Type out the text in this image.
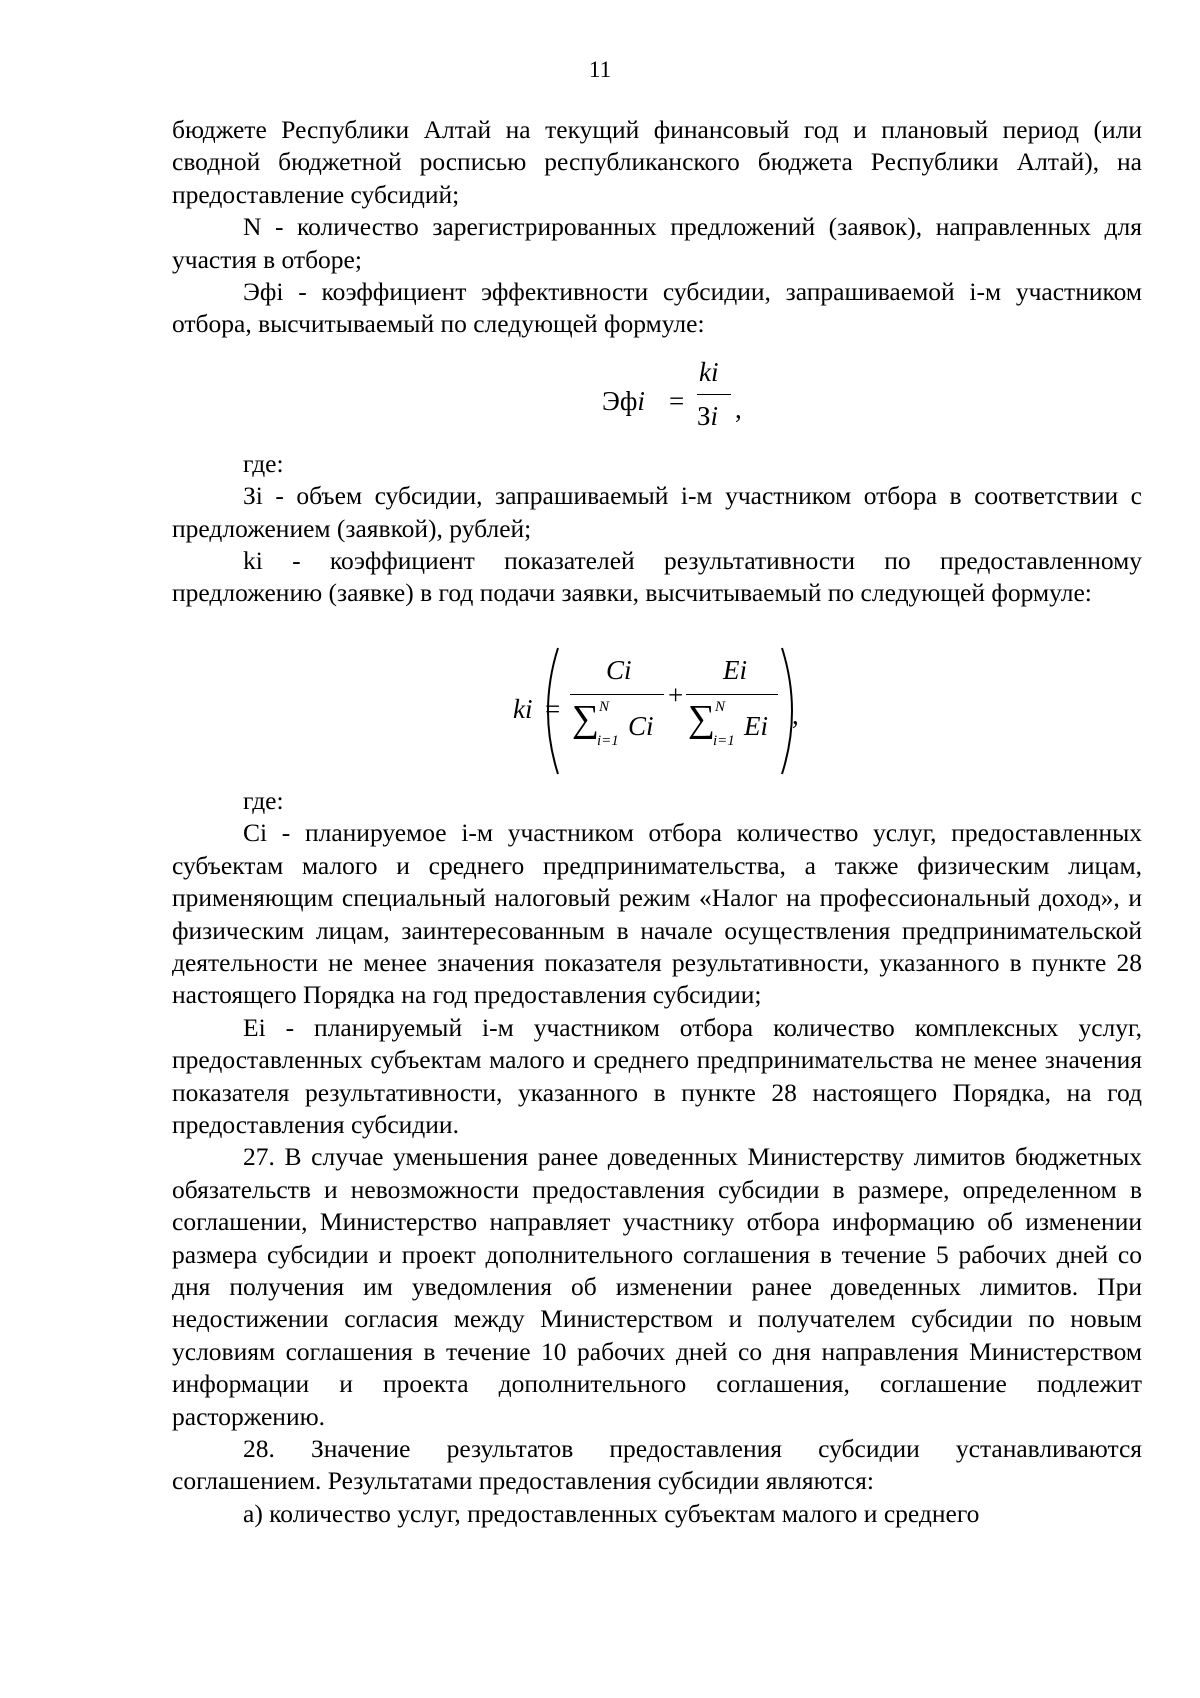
11

бюджете Республики Алтай на текущий финансовый год и плановый период (или сводной бюджетной росписью республиканского бюджета Республики Алтай), на предоставление субсидий;

N - количество зарегистрированных предложений (заявок), направленных для участия в отборе;

Эфi - коэффициент эффективности субсидии, запрашиваемой i-м участником отбора, высчитываемый по следующей формуле:

Эфi =
ki
Зi ,

где:

Зi - объем субсидии, запрашиваемый i-м участником отбора в соответствии с предложением (заявкой), рублей;

ki - коэффициент показателей результативности по предоставленному предложению (заявке) в год подачи заявки, высчитываемый по следующей формуле:

ki =
Ci
∑ N
i=1 Ci
+
Ei
∑ N
i=1 Ei ,

где:

Ci - планируемое i-м участником отбора количество услуг, предоставленных субъектам малого и среднего предпринимательства, а также физическим лицам, применяющим специальный налоговый режим «Налог на профессиональный доход», и физическим лицам, заинтересованным в начале осуществления предпринимательской деятельности не менее значения показателя результативности, указанного в пункте 28 настоящего Порядка на год предоставления субсидии;

Ei - планируемый i-м участником отбора количество комплексных услуг, предоставленных субъектам малого и среднего предпринимательства не менее значения показателя результативности, указанного в пункте 28 настоящего Порядка, на год предоставления субсидии.

27. В случае уменьшения ранее доведенных Министерству лимитов бюджетных обязательств и невозможности предоставления субсидии в размере, определенном в соглашении, Министерство направляет участнику отбора информацию об изменении размера субсидии и проект дополнительного соглашения в течение 5 рабочих дней со дня получения им уведомления об изменении ранее доведенных лимитов. При недостижении согласия между Министерством и получателем субсидии по новым условиям соглашения в течение 10 рабочих дней со дня направления Министерством информации и проекта дополнительного соглашения, соглашение подлежит расторжению.

28. Значение результатов предоставления субсидии устанавливаются соглашением. Результатами предоставления субсидии являются:

а) количество услуг, предоставленных субъектам малого и среднего
